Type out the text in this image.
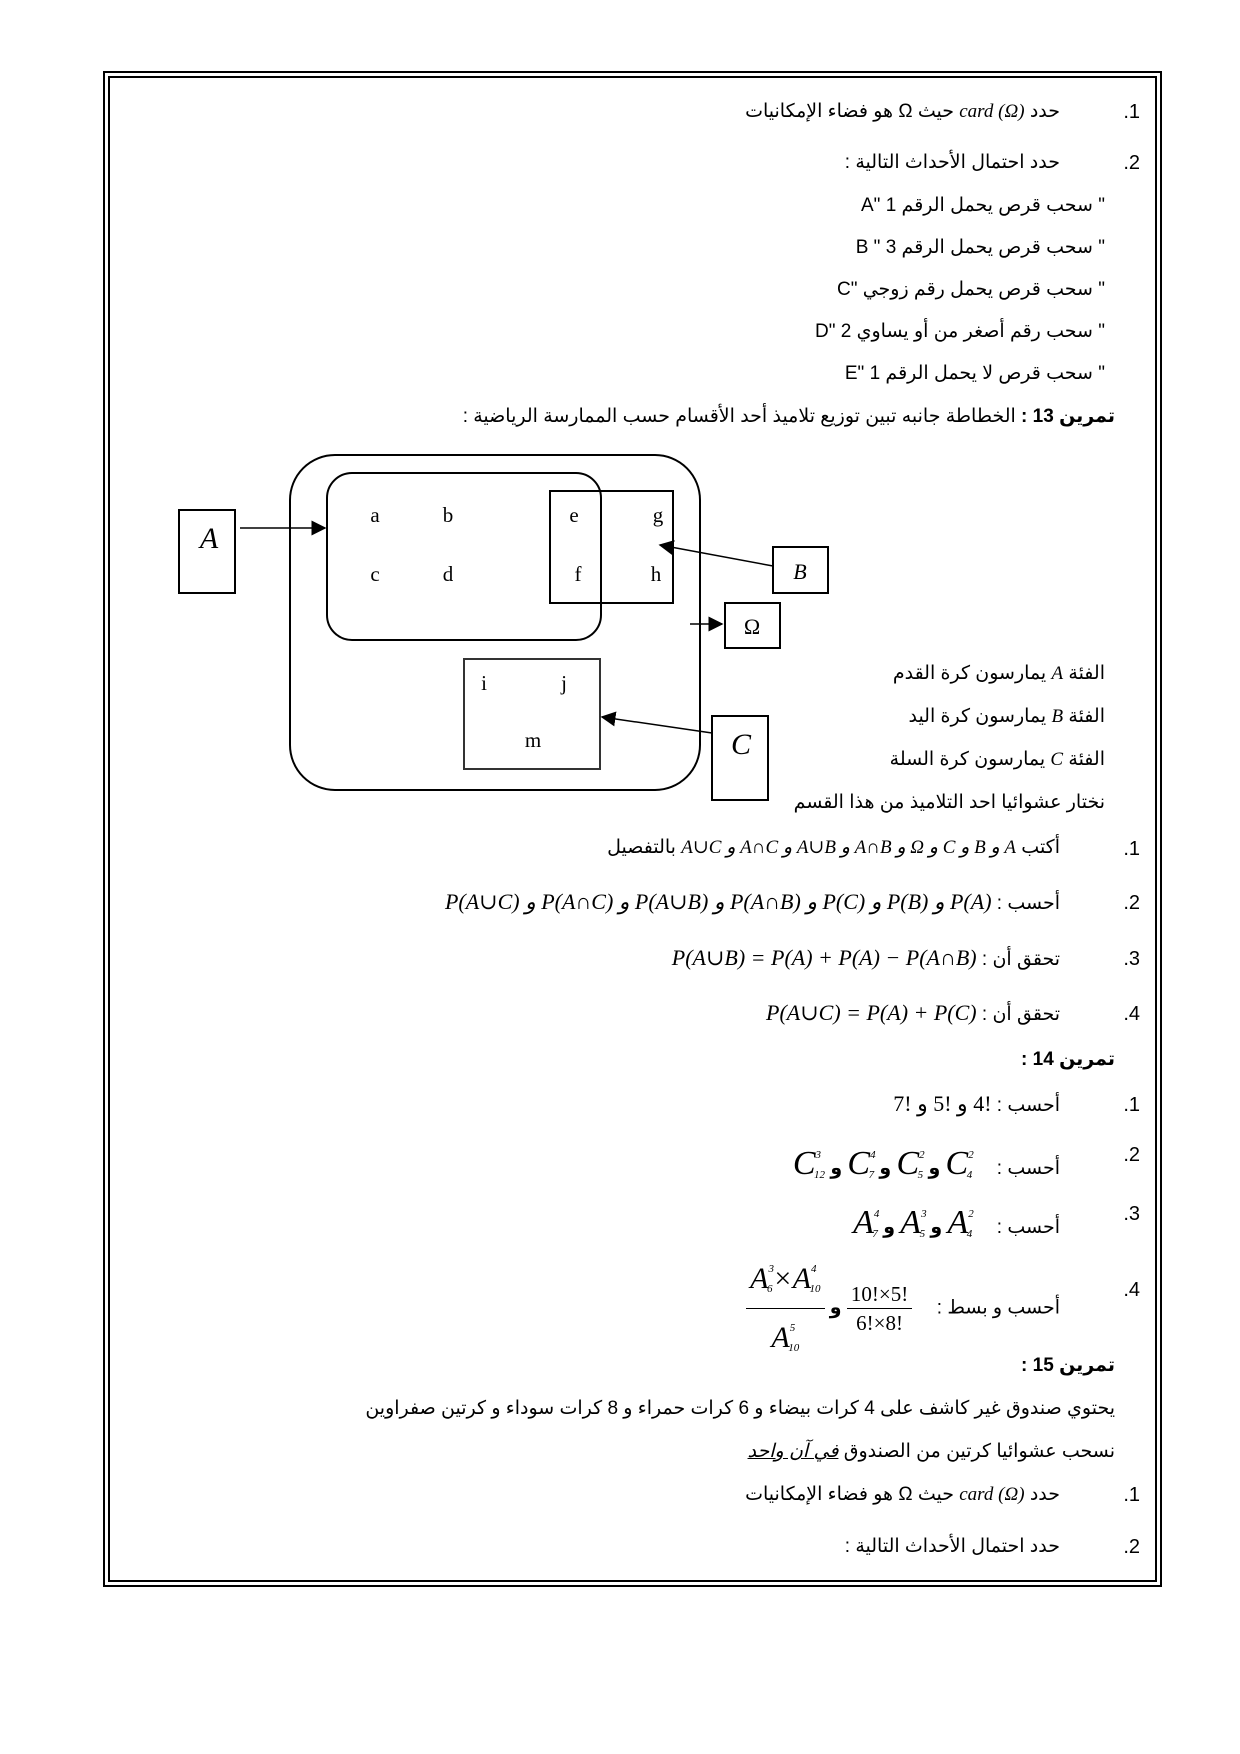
.1
حدد card (Ω) حيث Ω هو فضاء الإمكانيات
.2
حدد احتمال الأحداث التالية :
" سحب قرص يحمل الرقم 1 "A
" سحب قرص يحمل الرقم 3 " B
" سحب قرص يحمل رقم زوجي "C
" سحب رقم أصغر من أو يساوي 2 "D
" سحب قرص لا يحمل الرقم 1 "E
تمرين 13 : الخطاطة جانبه تبين توزيع تلاميذ أحد الأقسام حسب الممارسة الرياضية :
A
B
Ω
C
a	b
c	d
e
f
g
h
i	j
m
الفئة A يمارسون كرة القدم
الفئة B يمارسون كرة اليد
الفئة C يمارسون كرة السلة
نختار عشوائيا احد التلاميذ من هذا القسم
.1
أكتب A و B و C و Ω و A∩B و A∪B و A∩C و A∪C بالتفصيل
.2
أحسب : P(A) و P(B) و P(C) و P(A∩B) و P(A∪B) و P(A∩C) و P(A∪C)
.3
تحقق أن : P(A∪B) = P(A) + P(A) − P(A∩B)
.4
تحقق أن : P(A∪C) = P(A) + P(C)
تمرين 14 :
.1
أحسب : !4 و !5 و !7
.2
أحسب :  $C^2_4$ و $C^2_5$ و $C^4_7$ و $C^3_{12}$
.3
أحسب :  $A^2_4$ و $A^3_5$ و $A^4_7$
.4
أحسب و بسط :
$\frac{10!\times 5!}{6!\times 8!}$
و
$\frac{A^3_6\times A^4_{10}}{A^5_{10}}$	تمرين 15 :
يحتوي صندوق غير كاشف على 4 كرات بيضاء و 6 كرات حمراء و 8 كرات سوداء و كرتين صفراوين
نسحب عشوائيا كرتين من الصندوق في آن واحد
.1
حدد card (Ω) حيث Ω هو فضاء الإمكانيات
.2
حدد احتمال الأحداث التالية :
